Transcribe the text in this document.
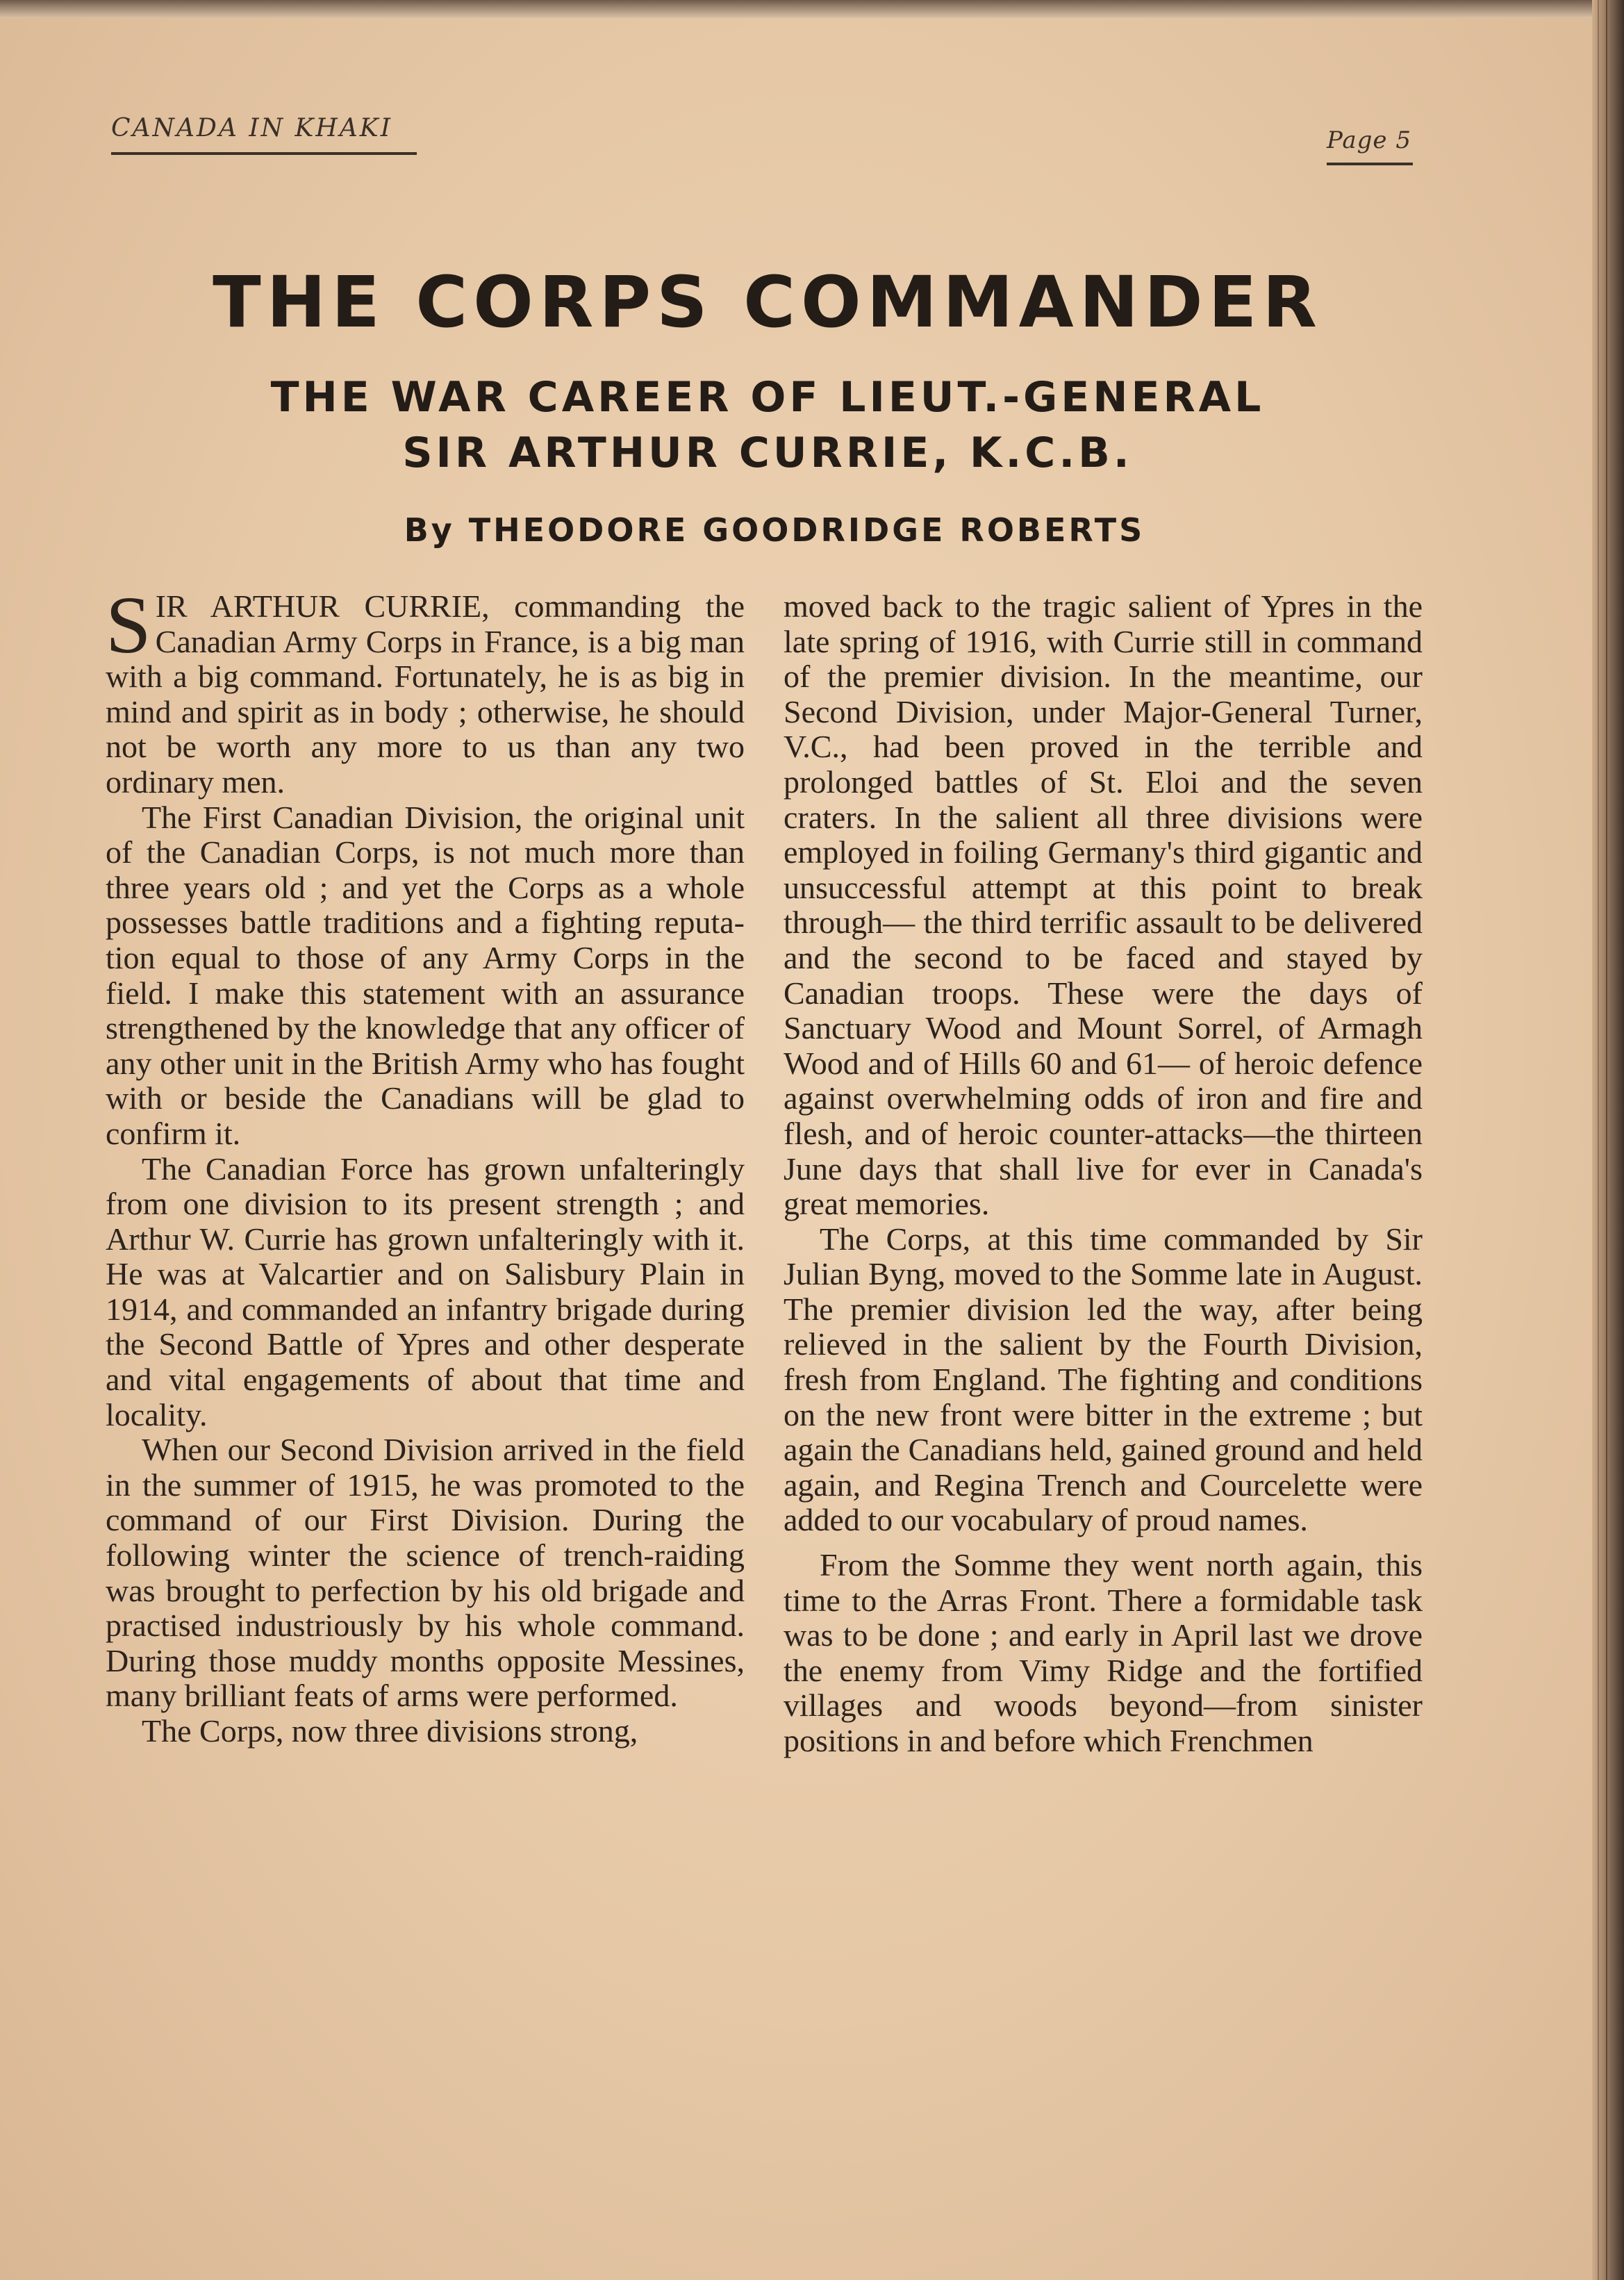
CANADA IN KHAKI	Page 5
THE CORPS COMMANDER
THE WAR CAREER OF LIEUT.-GENERAL
SIR ARTHUR CURRIE, K.C.B.
By THEODORE GOODRIDGE ROBERTS

SIR ARTHUR CURRIE, commanding the Canadian Army Corps in France, is a big man with a big command. Fortunately, he is as big in mind and spirit as in body ; otherwise, he should not be worth any more to us than any two ordinary men.

The First Canadian Division, the original unit of the Canadian Corps, is not much more than three years old ; and yet the Corps as a whole possesses battle traditions and a fighting reputation equal to those of any Army Corps in the field. I make this statement with an assurance strengthened by the knowledge that any officer of any other unit in the British Army who has fought with or beside the Canadians will be glad to confirm it.

The Canadian Force has grown unfalteringly from one division to its present strength ; and Arthur W. Currie has grown unfalteringly with it. He was at Valcartier and on Salisbury Plain in 1914, and commanded an infantry brigade during the Second Battle of Ypres and other desperate and vital engagements of about that time and locality.

When our Second Division arrived in the field in the summer of 1915, he was promoted to the command of our First Division. During the following winter the science of trench-raiding was brought to perfection by his old brigade and practised industriously by his whole command. During those muddy months opposite Messines, many brilliant feats of arms were performed.

The Corps, now three divisions strong,

moved back to the tragic salient of Ypres in the late spring of 1916, with Currie still in command of the premier division. In the meantime, our Second Division, under Major-General Turner, V.C., had been proved in the terrible and prolonged battles of St. Eloi and the seven craters. In the salient all three divisions were employed in foiling Germany's third gigantic and unsuccessful attempt at this point to break through— the third terrific assault to be delivered and the second to be faced and stayed by Canadian troops. These were the days of Sanctuary Wood and Mount Sorrel, of Armagh Wood and of Hills 60 and 61— of heroic defence against overwhelming odds of iron and fire and flesh, and of heroic counter-attacks—the thirteen June days that shall live for ever in Canada's great memories.

The Corps, at this time commanded by Sir Julian Byng, moved to the Somme late in August. The premier division led the way, after being relieved in the salient by the Fourth Division, fresh from England. The fighting and conditions on the new front were bitter in the extreme ; but again the Canadians held, gained ground and held again, and Regina Trench and Courcelette were added to our vocabulary of proud names.

From the Somme they went north again, this time to the Arras Front. There a formidable task was to be done ; and early in April last we drove the enemy from Vimy Ridge and the fortified villages and woods beyond—from sinister positions in and before which Frenchmen
